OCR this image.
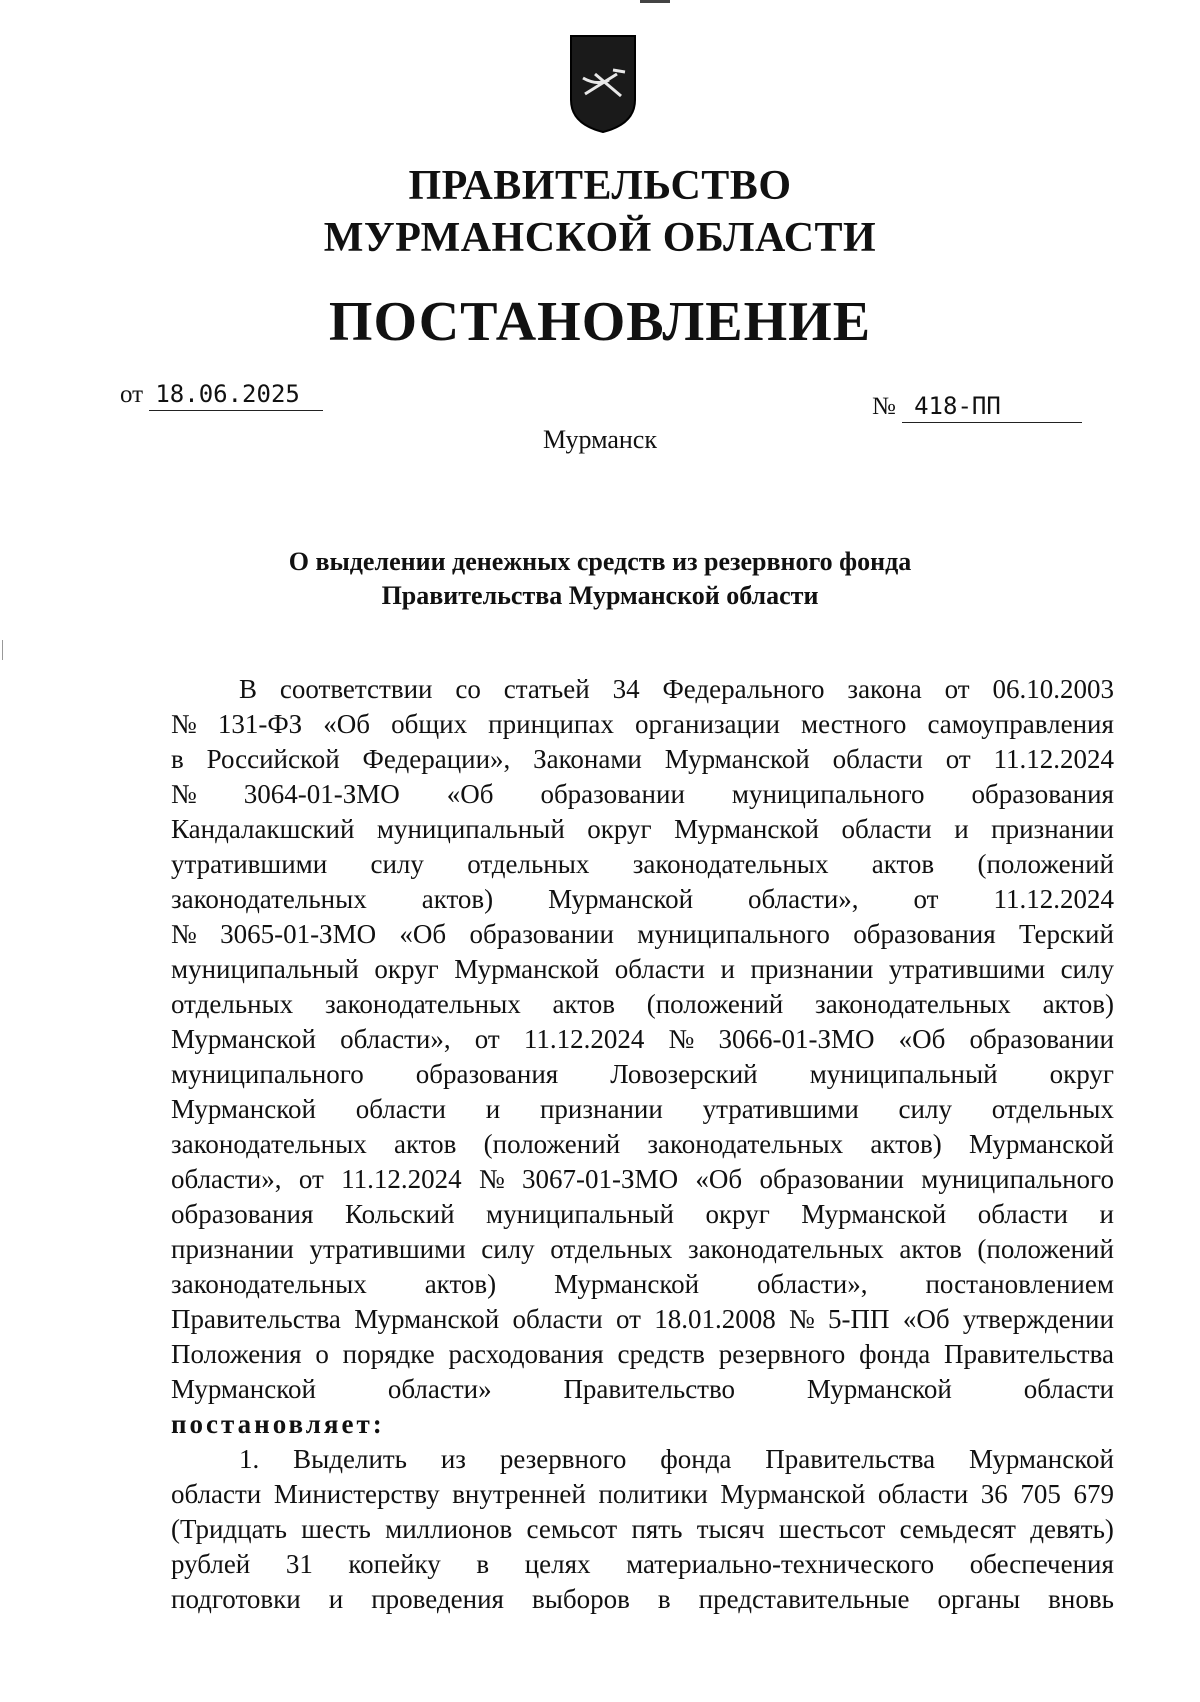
ПРАВИТЕЛЬСТВО
МУРМАНСКОЙ ОБЛАСТИ
ПОСТАНОВЛЕНИЕ
от 18.06.2025	№ 418-ПП
Мурманск
О выделении денежных средств из резервного фонда
Правительства Мурманской области
В соответствии со статьей 34 Федерального закона от 06.10.2003
№ 131-ФЗ «Об общих принципах организации местного самоуправления
в Российской Федерации», Законами Мурманской области от 11.12.2024
№ 3064-01-ЗМО «Об образовании муниципального образования
Кандалакшский муниципальный округ Мурманской области и признании
утратившими силу отдельных законодательных актов (положений
законодательных актов) Мурманской области», от 11.12.2024
№ 3065-01-ЗМО «Об образовании муниципального образования Терский
муниципальный округ Мурманской области и признании утратившими силу
отдельных законодательных актов (положений законодательных актов)
Мурманской области», от 11.12.2024 № 3066-01-ЗМО «Об образовании
муниципального образования Ловозерский муниципальный округ
Мурманской области и признании утратившими силу отдельных
законодательных актов (положений законодательных актов) Мурманской
области», от 11.12.2024 № 3067-01-ЗМО «Об образовании муниципального
образования Кольский муниципальный округ Мурманской области и
признании утратившими силу отдельных законодательных актов (положений
законодательных актов) Мурманской области», постановлением
Правительства Мурманской области от 18.01.2008 № 5-ПП «Об утверждении
Положения о порядке расходования средств резервного фонда Правительства
Мурманской	области»	Правительство	Мурманской	области
постановляет:
1. Выделить из резервного фонда Правительства Мурманской
области Министерству внутренней политики Мурманской области 36 705 679
(Тридцать шесть миллионов семьсот пять тысяч шестьсот семьдесят девять)
рублей 31 копейку в целях материально-технического обеспечения
подготовки и проведения выборов в представительные органы вновь
